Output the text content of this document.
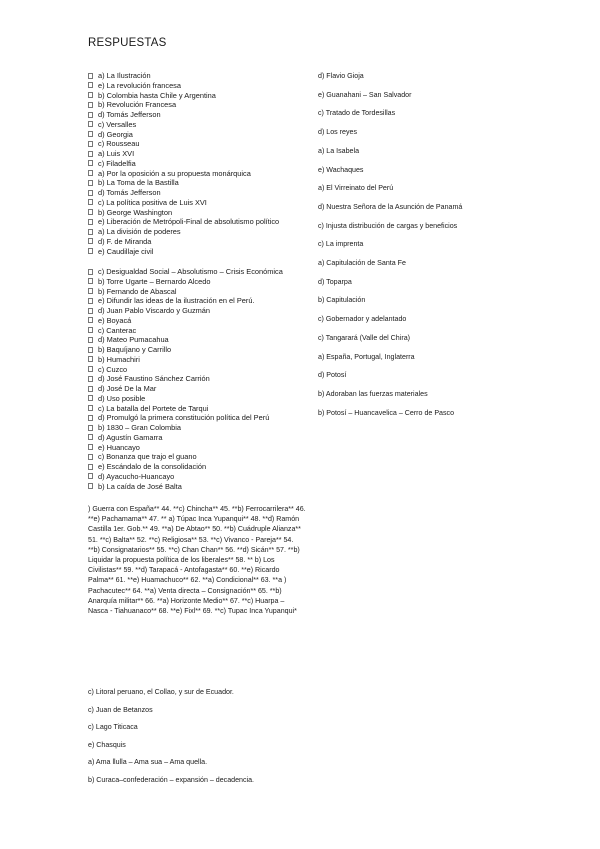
RESPUESTAS
a) La Ilustración
e) La revolución francesa
b) Colombia hasta Chile y Argentina
b) Revolución Francesa
d) Tomás Jefferson
c) Versalles
d) Georgia
c) Rousseau
a) Luis XVI
c) Filadelfia
a) Por la oposición a su propuesta monárquica
b) La Toma de la Bastilla
d) Tomás Jefferson
c) La política positiva de Luis XVI
b) George Washington
e) Liberación de Metrópoli-Final de absolutismo político
a) La división de poderes
d) F. de Miranda
e) Caudillaje civil
c) Desigualdad Social – Absolutismo – Crisis Económica
b) Torre Ugarte – Bernardo Alcedo
b) Fernando de Abascal
e) Difundir las ideas de la ilustración en el Perú.
d) Juan Pablo Viscardo y Guzmán
e) Boyacá
c) Canterac
d) Mateo Pumacahua
b) Baquíjano y Carrillo
b) Humachiri
c) Cuzco
d) José Faustino Sánchez Carrión
d) José De la Mar
d) Uso posible
c) La batalla del Portete de Tarqui
d) Promulgó la primera constitución política del Perú
b) 1830 – Gran Colombia
d) Agustín Gamarra
e) Huancayo
c) Bonanza que trajo el guano
e) Escándalo de la consolidación
d) Ayacucho-Huancayo
b) La caída de José Balta

) Guerra con España** 44. **c) Chincha** 45. **b) Ferrocarrilera** 46. **e) Pachamama** 47. ** a) Túpac Inca Yupanqui** 48. **d) Ramón Castilla 1er. Gob.** 49. **a) De Abtao** 50. **b) Cuádruple Alianza** 51. **c) Balta** 52. **c) Religiosa** 53. **c) Vivanco - Pareja** 54. **b) Consignatarios** 55. **c) Chan Chan** 56. **d) Sicán** 57. **b) Liquidar la propuesta política de los liberales** 58. ** b) Los Civilistas** 59. **d) Tarapacá - Antofagasta** 60. **e) Ricardo Palma** 61. **e) Huamachuco** 62. **a) Condicional** 63. **a ) Pachacutec** 64. **a) Venta directa – Consignación** 65. **b) Anarquía militar** 66. **a) Horizonte Medio** 67. **c) Huarpa – Nasca - Tiahuanaco** 68. **e) Fixl** 69. **c) Tupac Inca Yupanqui*

c) Litoral peruano, el Collao, y sur de Ecuador.
c) Juan de Betanzos
c) Lago Titicaca
e) Chasquis
a) Ama llulla – Ama sua – Ama quella.
b) Curaca–confederación – expansión – decadencia.
d) Flavio Gioja
e) Guanahani – San Salvador
c) Tratado de Tordesillas
d) Los reyes
a) La Isabela
e) Wachaques
a) El Virreinato del Perú
d) Nuestra Señora de la Asunción de Panamá
c) Injusta distribución de cargas y beneficios
c) La imprenta
a) Capitulación de Santa Fe
d) Toparpa
b) Capitulación
c) Gobernador y adelantado
c) Tangarará (Valle del Chira)
a) España, Portugal, Inglaterra
d) Potosí
b) Adoraban las fuerzas materiales
b) Potosí – Huancavelica – Cerro de Pasco
